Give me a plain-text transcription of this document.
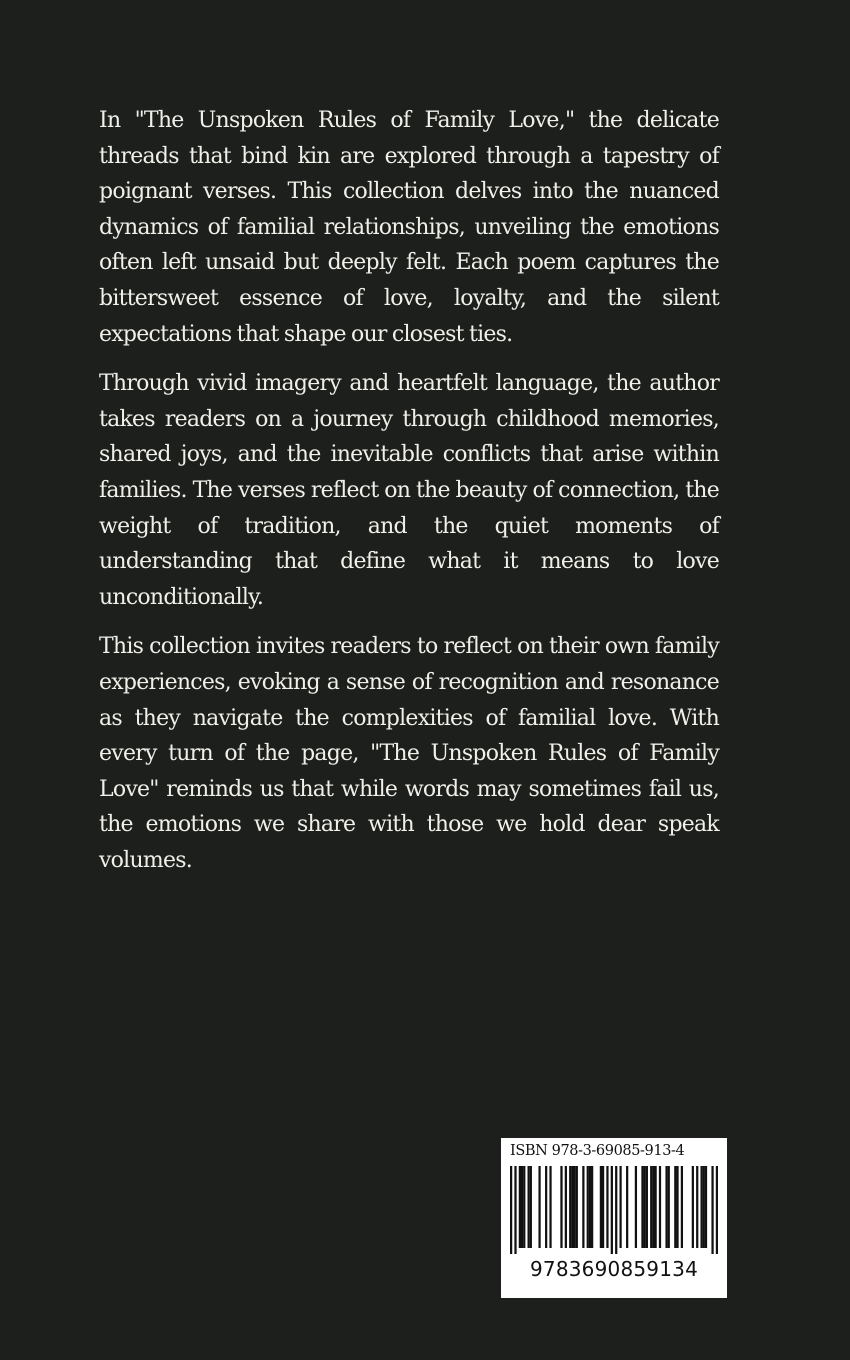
In "The Unspoken Rules of Family Love," the delicate threads that bind kin are explored through a tapestry of poignant verses. This collection delves into the nuanced dynamics of familial relationships, unveiling the emotions often left unsaid but deeply felt. Each poem captures the bittersweet essence of love, loyalty, and the silent expectations that shape our closest ties.

Through vivid imagery and heartfelt language, the author takes readers on a journey through childhood memories, shared joys, and the inevitable conflicts that arise within families. The verses reflect on the beauty of connection, the weight of tradition, and the quiet moments of understanding that define what it means to love unconditionally.

This collection invites readers to reflect on their own family experiences, evoking a sense of recognition and resonance as they navigate the complexities of familial love. With every turn of the page, "The Unspoken Rules of Family Love" reminds us that while words may sometimes fail us, the emotions we share with those we hold dear speak volumes.

ISBN 978-3-69085-913-4
9783690859134
